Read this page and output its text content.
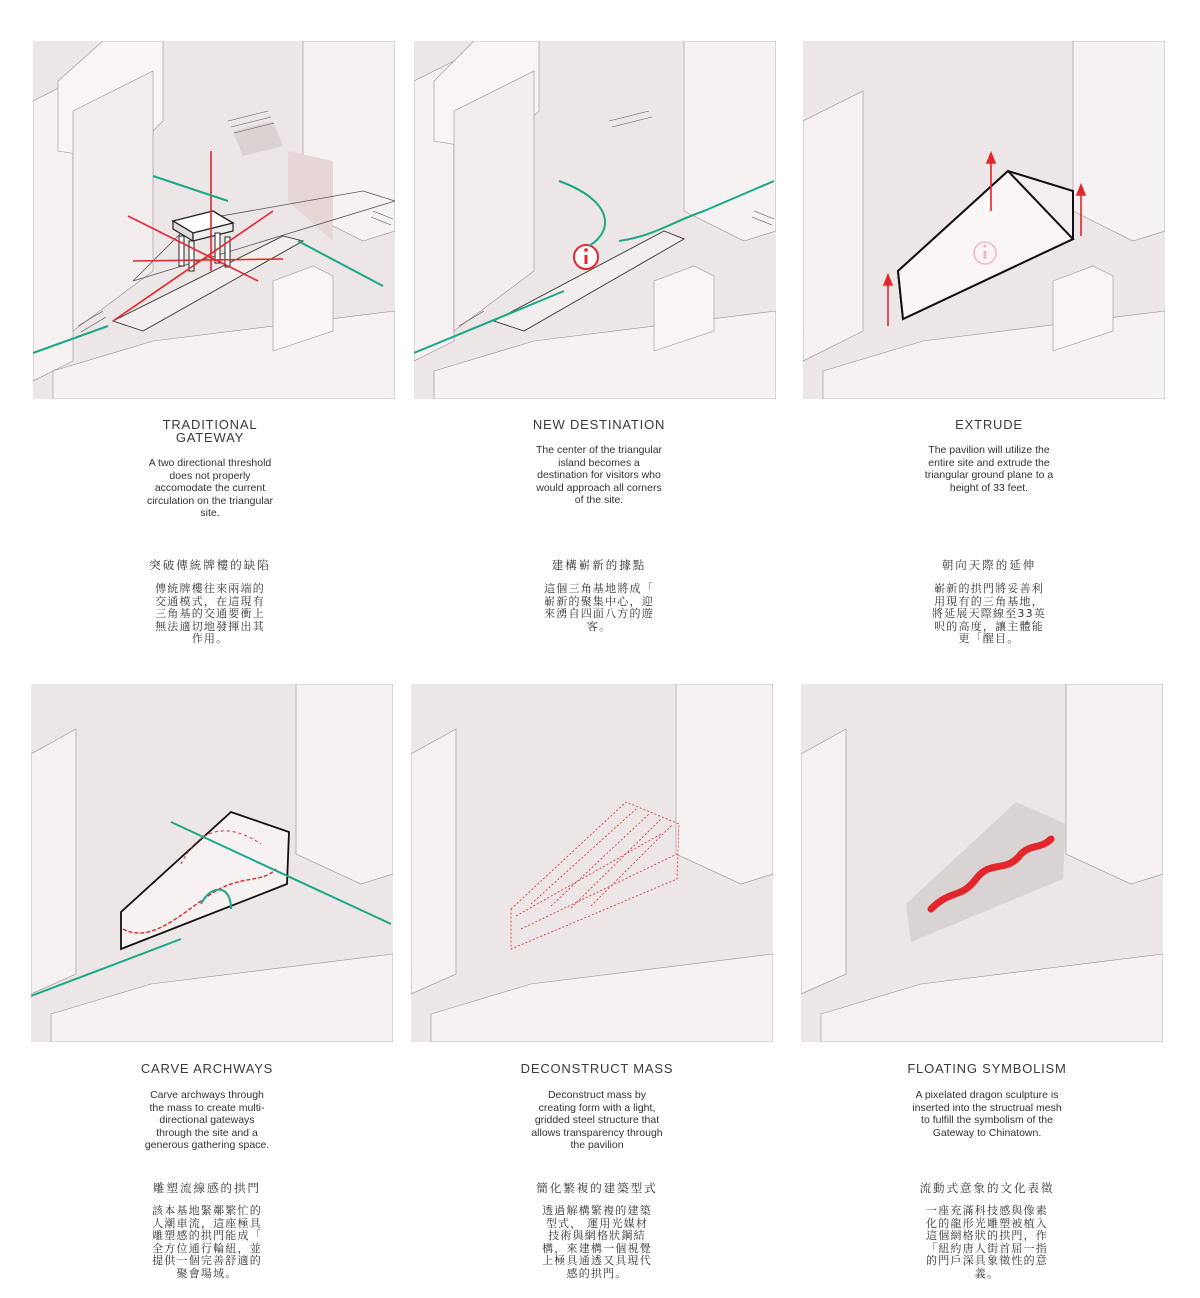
TRADITIONAL
GATEWAY
A two directional threshold
does not properly
accomodate the current
circulation on the triangular
site.
突破傳統牌樓的缺陷
傳統牌樓往來兩端的
交通模式，在這現有
三角基的交通要衝上
無法適切地發揮出其
作用。
NEW DESTINATION
The center of the triangular
island becomes a
destination for visitors who
would approach all corners
of the site.
建構嶄新的據點
這個三角基地將成「
嶄新的聚集中心，迎
來湧自四面八方的遊
客。
EXTRUDE
The pavilion will utilize the
entire site and extrude the
triangular ground plane to a
height of 33 feet.
朝向天際的延伸
嶄新的拱門將妥善利
用現有的三角基地，
將延展天際線至33英
呎的高度，讓主體能
更「醒目。
CARVE ARCHWAYS
Carve archways through
the mass to create multi-
directional gateways
through the site and a
generous gathering space.
雕塑流線感的拱門
該本基地緊鄰繁忙的
人潮車流，這座極具
雕塑感的拱門能成「
全方位通行輪紐，並
提供一個完善舒適的
聚會場域。
DECONSTRUCT MASS
Deconstruct mass by
creating form with a light,
gridded steel structure that
allows transparency through
the pavilion
簡化繁複的建築型式
透過解構繁複的建築
型式， 運用光媒材
技術與網格狀鋼結
構，來建構一個視覺
上極具通透又具現代
感的拱門。
FLOATING SYMBOLISM
A pixelated dragon sculpture is
inserted into the structrual mesh
to fulfill the symbolism of the
Gateway to Chinatown.
流動式意象的文化表徵
一座充滿科技感與像素
化的龍形光雕塑被植入
這個網格狀的拱門，作
「紐約唐人街首屈一指
的門戶深具象徵性的意
義。
